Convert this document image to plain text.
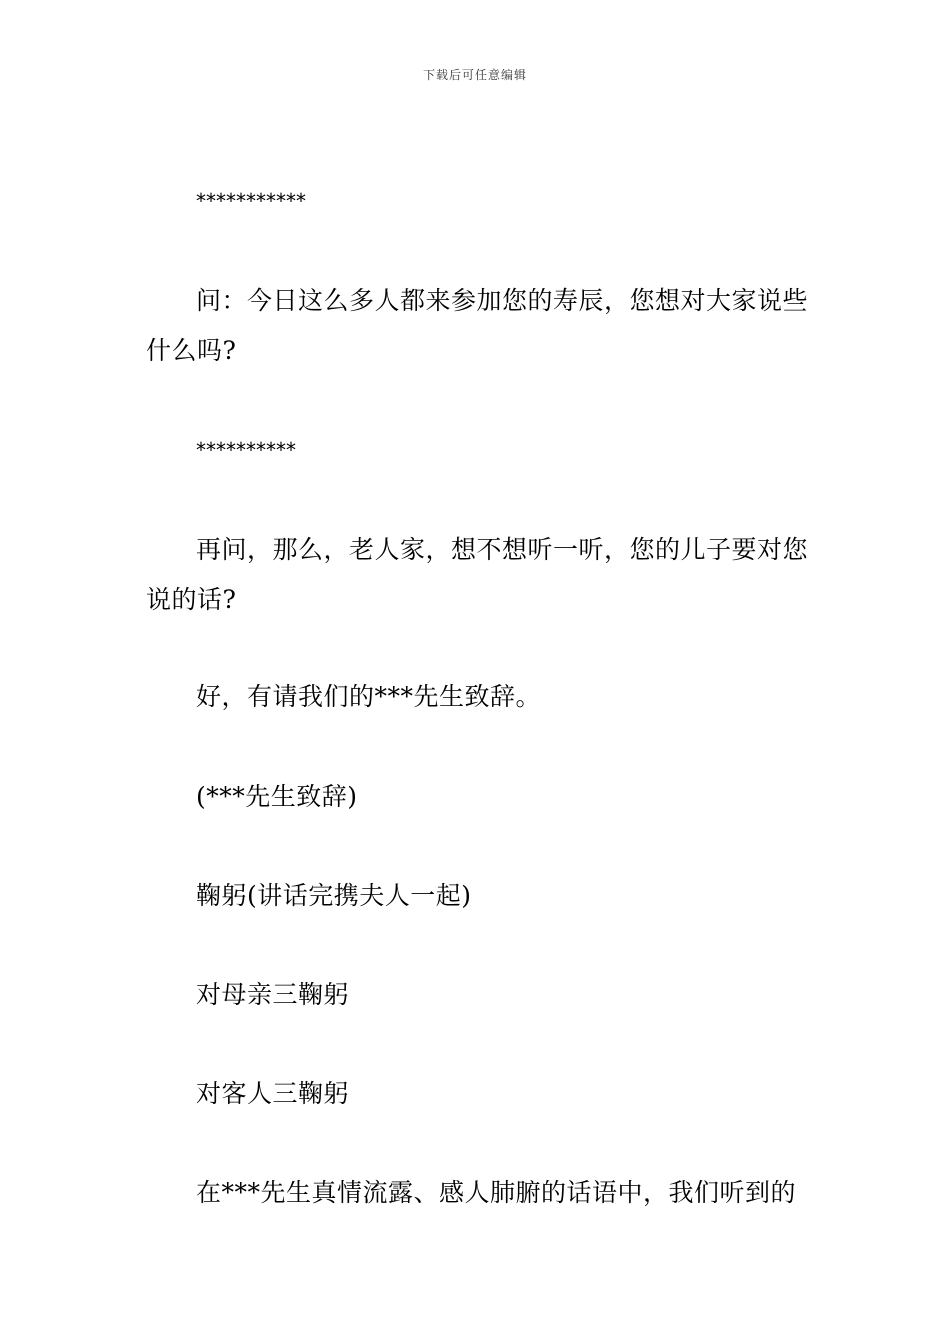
下载后可任意编辑
***********
问：今日这么多人都来参加您的寿辰，您想对大家说些什么吗?
**********
再问，那么，老人家，想不想听一听，您的儿子要对您说的话?
好，有请我们的***先生致辞。
(***先生致辞)
鞠躬(讲话完携夫人一起)
对母亲三鞠躬
对客人三鞠躬
在***先生真情流露、感人肺腑的话语中，我们听到的
